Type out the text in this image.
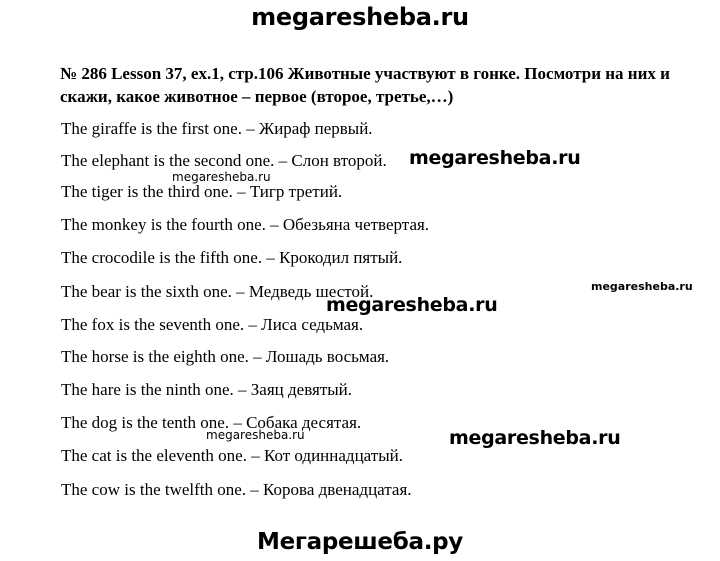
megaresheba.ru
№ 286 Lesson 37, ex.1, стр.106 Животные участвуют в гонке. Посмотри на них и скажи, какое животное – первое (второе, третье,…)
The giraffe is the first one. – Жираф первый.
The elephant is the second one. – Слон второй.
The tiger is the third one. – Тигр третий.
The monkey is the fourth one. – Обезьяна четвертая.
The crocodile is the fifth one. – Крокодил пятый.
The bear is the sixth one. – Медведь шестой.
The fox is the seventh one. – Лиса седьмая.
The horse is the eighth one. – Лошадь восьмая.
The hare is the ninth one. – Заяц девятый.
The dog is the tenth one. – Собака десятая.
The cat is the eleventh one. – Кот одиннадцатый.
The cow is the twelfth one. – Корова двенадцатая.
megaresheba.ru
megaresheba.ru
megaresheba.ru
megaresheba.ru
megaresheba.ru	megaresheba.ru
Мегарешеба.ру
